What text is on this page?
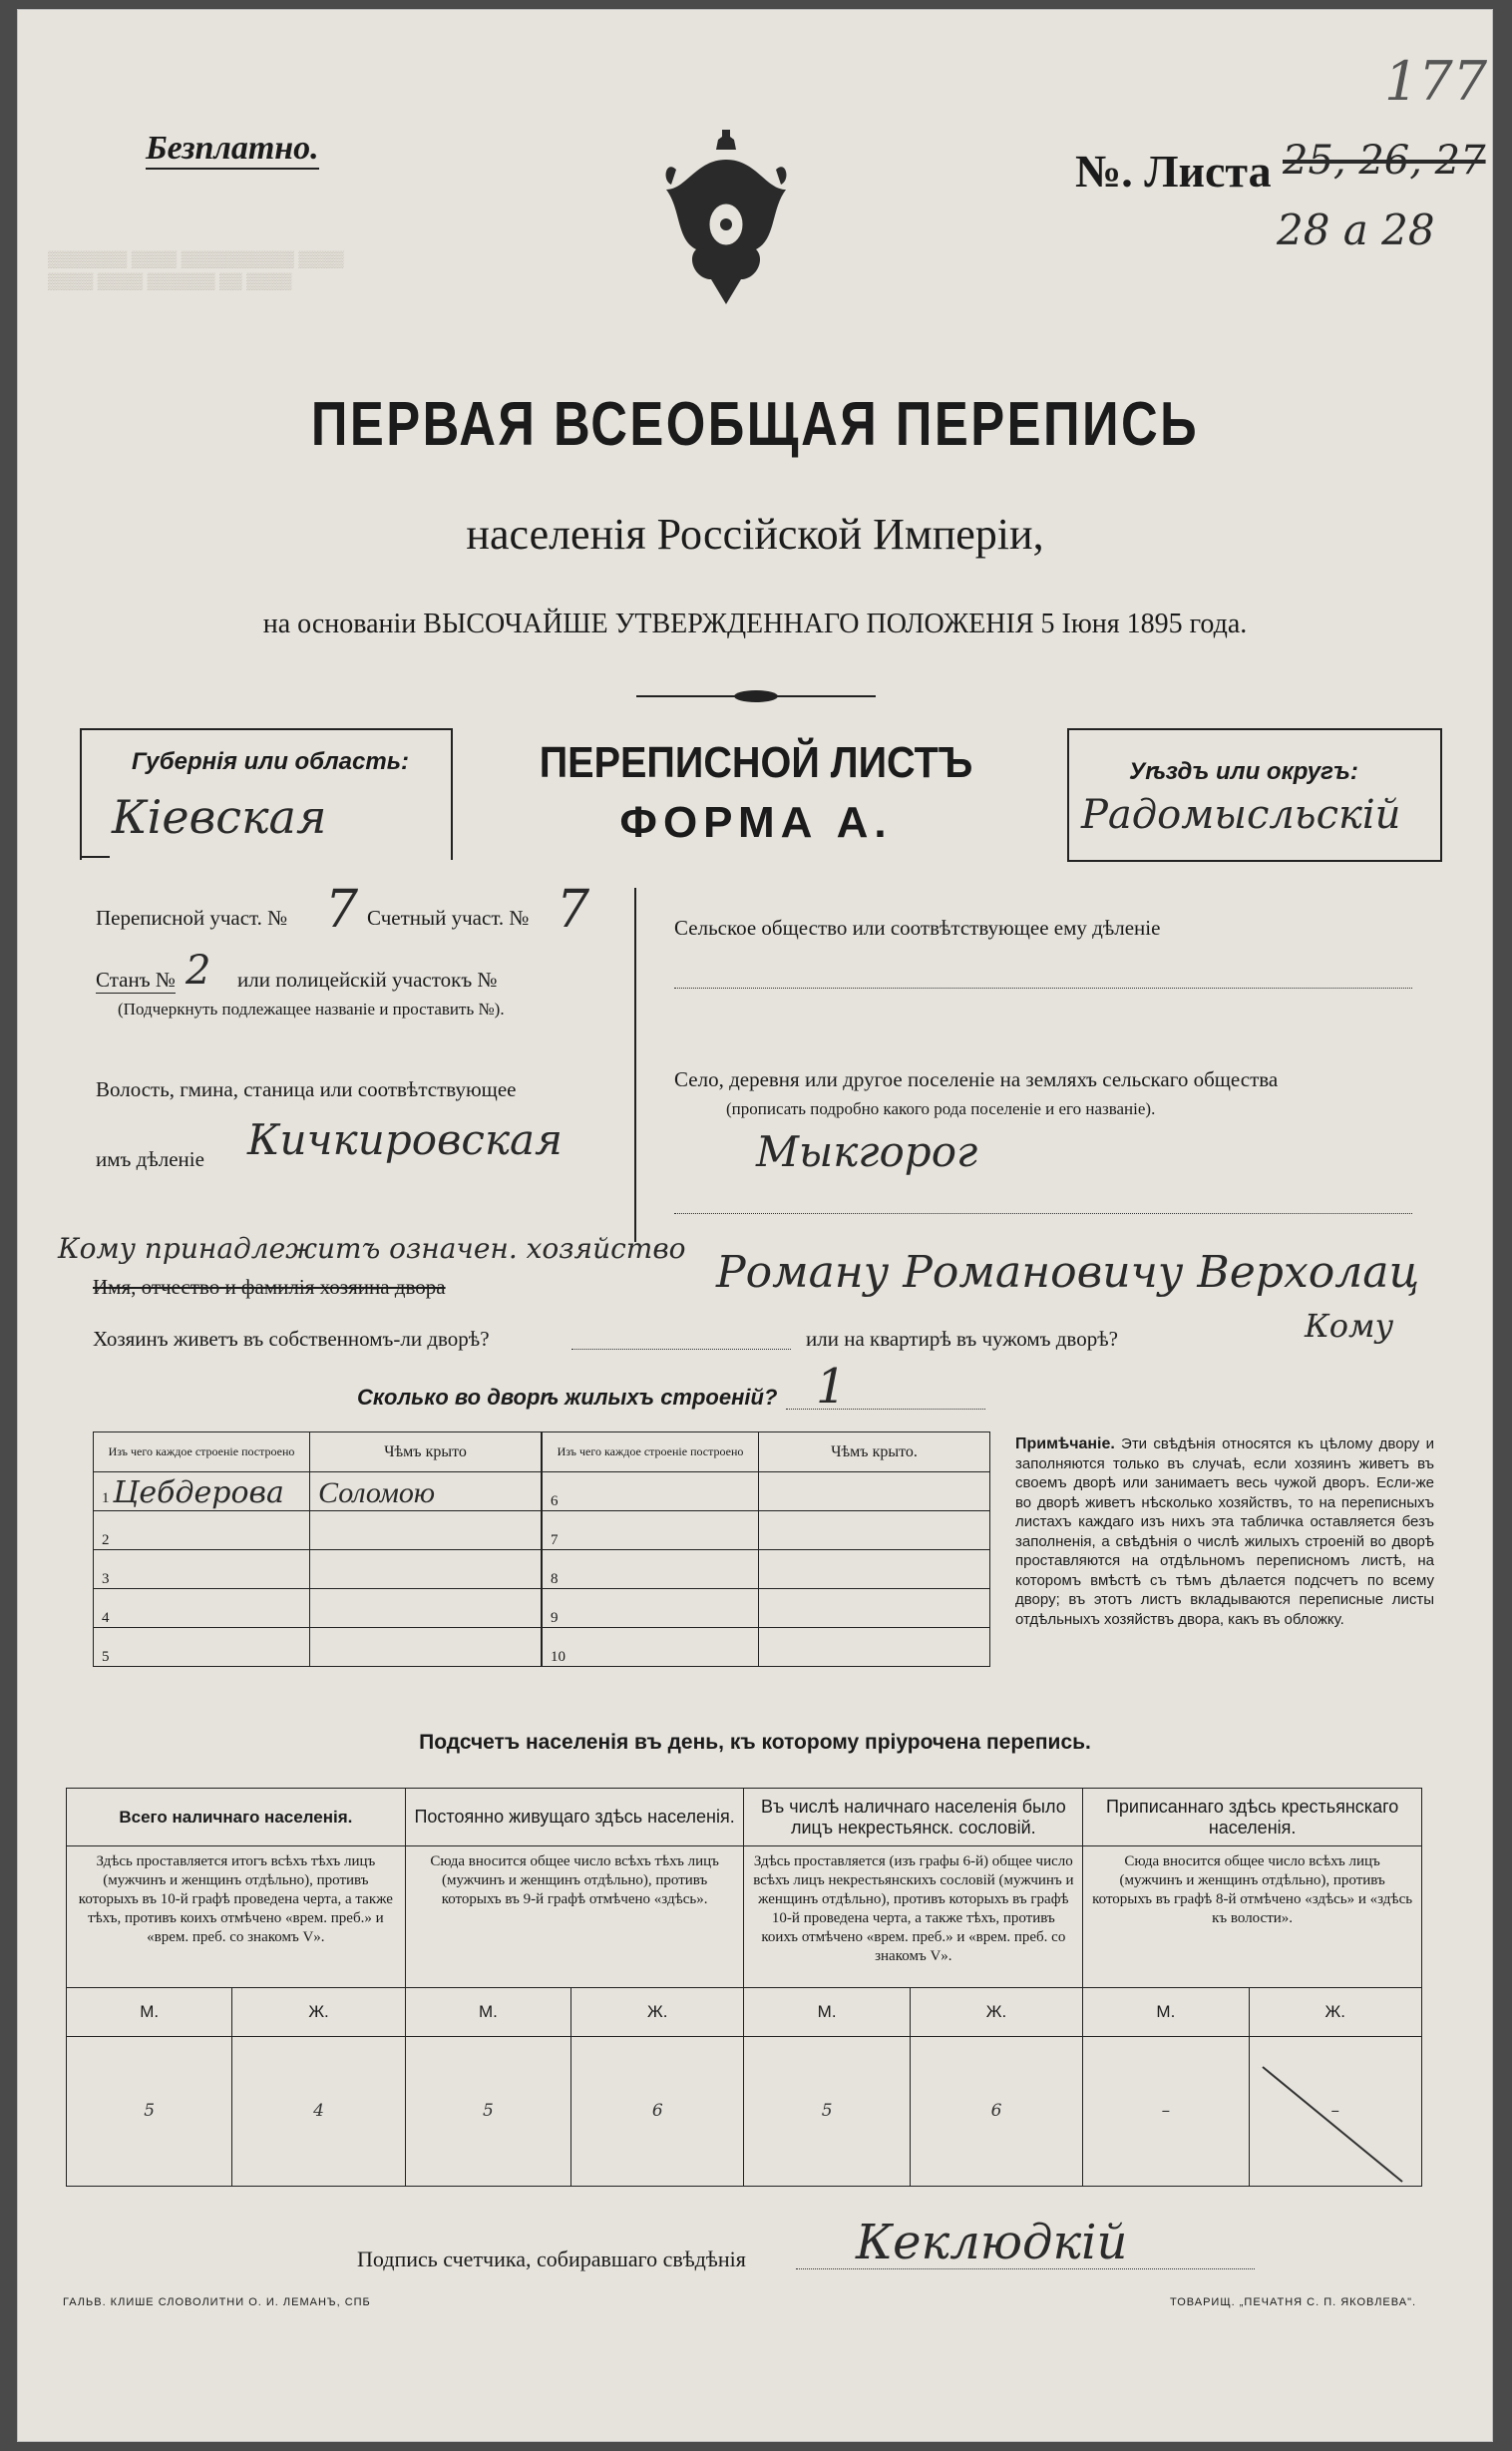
177
Безплатно.	№. Листа 25, 26, 27
28 а 28
▒▒▒▒▒▒▒ ▒▒▒▒ ▒▒▒▒▒▒▒▒▒▒ ▒▒▒▒
▒▒▒▒ ▒▒▒▒ ▒▒▒▒▒▒ ▒▒ ▒▒▒▒
ПЕРВАЯ ВСЕОБЩАЯ ПЕРЕПИСЬ
населенія Россійской Имперіи,
на основаніи ВЫСОЧАЙШЕ УТВЕРЖДЕННАГО ПОЛОЖЕНІЯ 5 Іюня 1895 года.
Губернія или область:
Кіевская
ПЕРЕПИСНОЙ ЛИСТЪ
ФОРМА А.
Уѣздъ или округъ:
Радомысльскій
Переписной участ. № 7 Счетный участ. № 7
Станъ № 2 или полицейскій участокъ №
(Подчеркнуть подлежащее названіе и проставить №).
Волость, гмина, станица или соотвѣтствующее
имъ дѣленіе Кичкировская
Сельское общество или соотвѣтствующее ему дѣленіе
Село, деревня или другое поселеніе на земляхъ сельскаго общества
(прописать подробно какого рода поселеніе и его названіе).
Мыкгорог
Кому принадлежитъ означен. хозяйство
Имя, отчество и фамилія хозяина двора	Роману Романовичу Верхолац
Кому
Хозяинъ живетъ въ собственномъ-ли дворѣ?	или на квартирѣ въ чужомъ дворѣ?
Сколько во дворѣ жилыхъ строеній? 1
Изъ чего каждое строеніе построено	Чѣмъ крыто
1 Цебдерова	Соломою
2	
3	
4	
5	
Изъ чего каждое строеніе построено	Чѣмъ крыто.
6	
7	
8	
9	
10	
Примѣчаніе. Эти свѣдѣнія относятся къ цѣлому двору и заполняются только въ случаѣ, если хозяинъ живетъ въ своемъ дворѣ или занимаетъ весь чужой дворъ. Если-же во дворѣ живетъ нѣсколько хозяйствъ, то на переписныхъ листахъ каждаго изъ нихъ эта табличка оставляется безъ заполненія, а свѣдѣнія о числѣ жилыхъ строеній во дворѣ проставляются на отдѣльномъ переписномъ листѣ, на которомъ вмѣстѣ съ тѣмъ дѣлается подсчетъ по всему двору; въ этотъ листъ вкладываются переписные листы отдѣльныхъ хозяйствъ двора, какъ въ обложку.
Подсчетъ населенія въ день, къ которому пріурочена перепись.
Всего наличнаго населенія.		Постоянно живущаго здѣсь населенія.		Въ числѣ наличнаго населенія было лицъ некрестьянск. сословій.		Приписаннаго здѣсь крестьянскаго населенія.	
Здѣсь проставляется итогъ всѣхъ тѣхъ лицъ (мужчинъ и женщинъ отдѣльно), противъ которыхъ въ 10-й графѣ проведена черта, а также тѣхъ, противъ коихъ отмѣчено «врем. преб.» и «врем. преб. со знакомъ V».		Сюда вносится общее число всѣхъ тѣхъ лицъ (мужчинъ и женщинъ отдѣльно), противъ которыхъ въ 9-й графѣ отмѣчено «здѣсь».		Здѣсь проставляется (изъ графы 6-й) общее число всѣхъ лицъ некрестьянскихъ сословій (мужчинъ и женщинъ отдѣльно), противъ которыхъ въ графѣ 10-й проведена черта, а также тѣхъ, противъ коихъ отмѣчено «врем. преб.» и «врем. преб. со знакомъ V».		Сюда вносится общее число всѣхъ лицъ (мужчинъ и женщинъ отдѣльно), противъ которыхъ въ графѣ 8-й отмѣчено «здѣсь» и «здѣсь къ волости».	
М.	Ж.	М.	Ж.	М.	Ж.	М.	Ж.
5	4	5	6	5	6	–	–
Подпись счетчика, собиравшаго свѣдѣнія Кеклюдкій
ГАЛЬВ. КЛИШЕ СЛОВОЛИТНИ О. И. ЛЕМАНЪ, СПБ	ТОВАРИЩ. „ПЕЧАТНЯ С. П. ЯКОВЛЕВА".
